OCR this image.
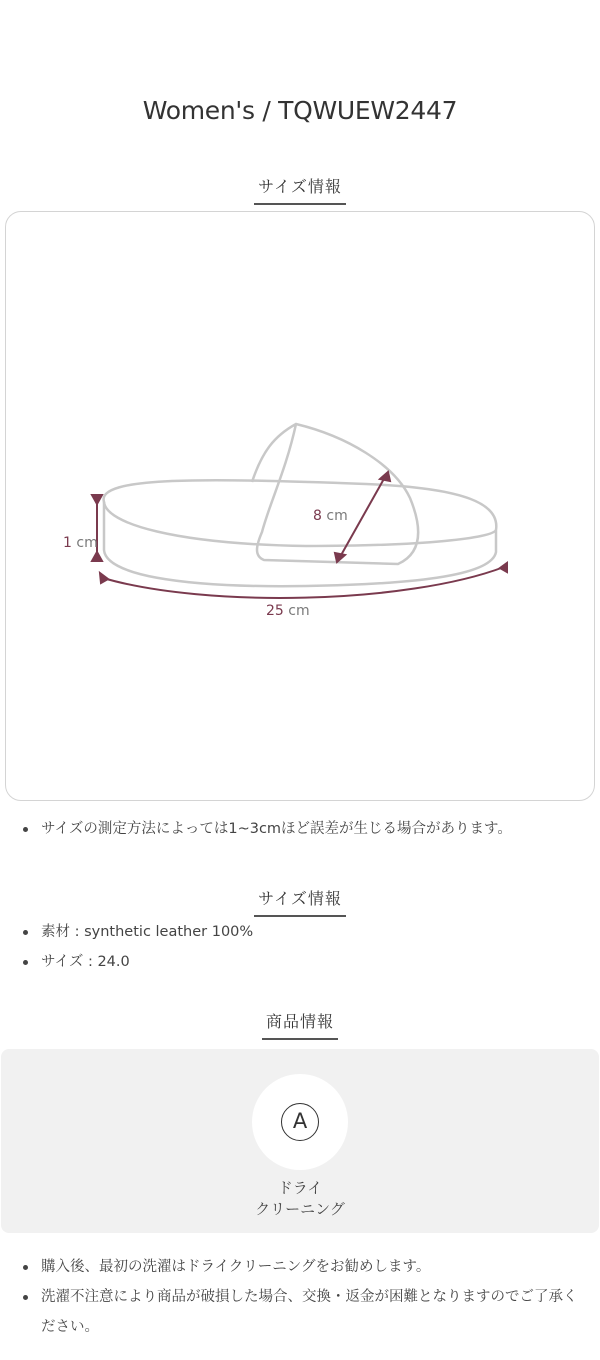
Women's / TQWUEW2447
サイズ情報
1 cm
8 cm
25 cm
サイズの測定方法によっては1~3cmほど誤差が生じる場合があります。
サイズ情報
素材 : synthetic leather 100%
サイズ : 24.0
商品情報
A
ドライ
クリーニング
購入後、最初の洗濯はドライクリーニングをお勧めします。
洗濯不注意により商品が破損した場合、交換・返金が困難となりますのでご了承ください。
